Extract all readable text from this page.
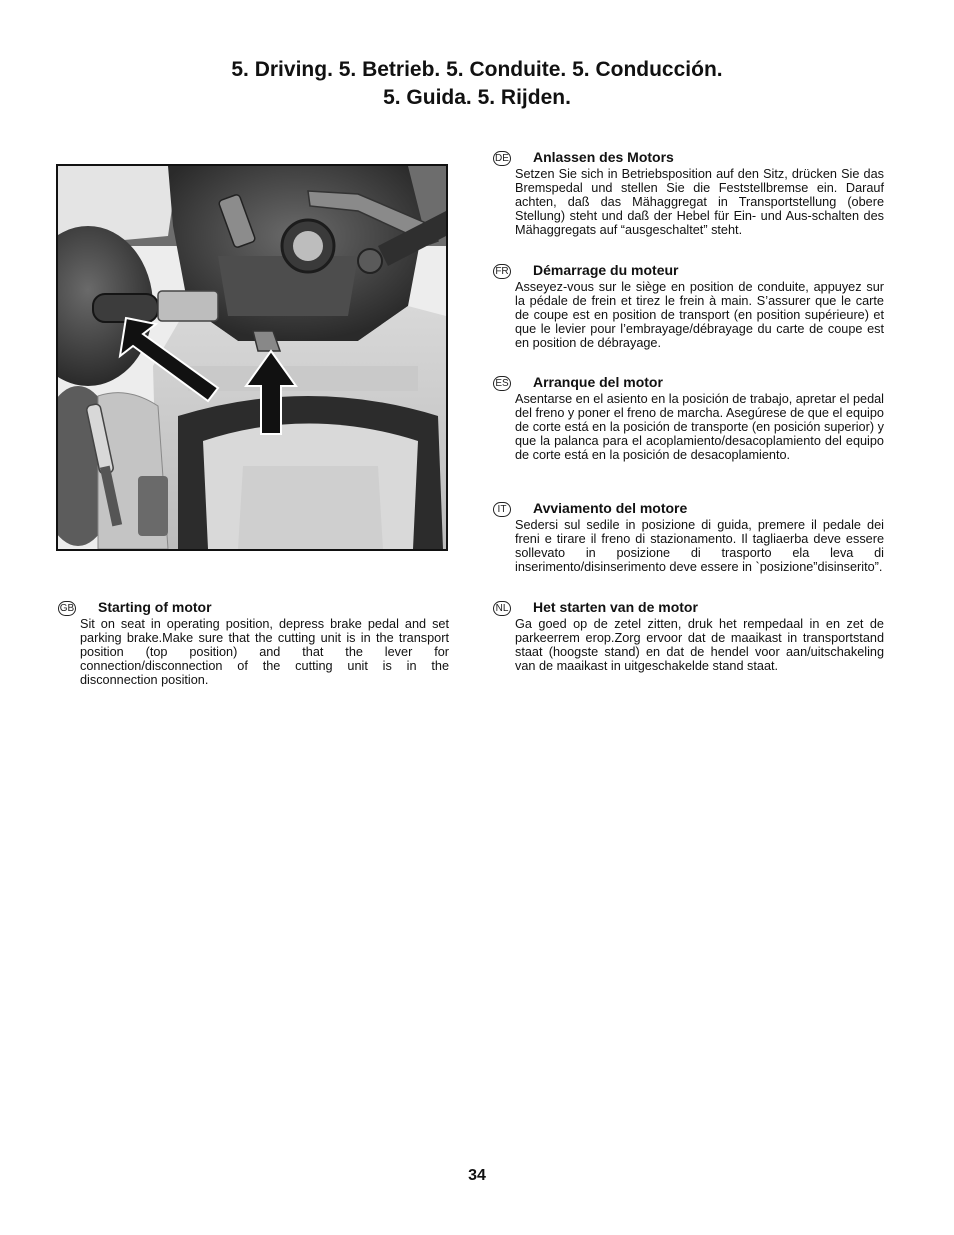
5. Driving. 5. Betrieb. 5. Conduite. 5. Conducción.
5. Guida. 5. Rijden.
GB Starting of motor

Sit on seat in operating position, depress brake pedal and set parking brake.Make sure that the cutting unit is in the transport position (top position) and that the lever for connection/disconnection of the cutting unit is in the disconnection position.

DE Anlassen des Motors

Setzen Sie sich in Betriebsposition auf den Sitz, drücken Sie das Bremspedal und stellen Sie die Feststellbremse ein. Darauf achten, daß das Mähaggregat in Transportstellung (obere Stellung) steht und daß der Hebel für Ein- und Aus-schalten des Mähaggregats auf “ausgeschaltet” steht.

FR Démarrage du moteur

Asseyez-vous sur le siège en position de conduite, appuyez sur la pédale de frein et tirez le frein à main. S’assurer que le carte de coupe est en position de transport (en position supérieure) et que le levier pour l’embrayage/débrayage du carte de coupe est en position de débrayage.

ES Arranque del motor

Asentarse en el asiento en la posición de trabajo, apretar el pedal del freno y poner el freno de marcha. Asegúrese de que el equipo de corte está en la posición de transporte (en posición superior) y que la palanca para el acoplamiento/desacoplamiento del equipo de corte está en la posición de desacoplamiento.

IT	Avviamento del motore

Sedersi sul sedile in posizione di guida, premere il pedale dei freni e tirare il freno di stazionamento. Il tagliaerba deve essere sollevato in posizione di trasporto ela leva di inserimento/disinserimento deve essere in `posizione”disinserito”.

NL Het starten van de motor

Ga goed op de zetel zitten, druk het rempedaal in en zet de parkeerrem erop.Zorg ervoor dat de maaikast in transportstand staat (hoogste stand) en dat de hendel voor aan/uitschakeling van de maaikast in uitgeschakelde stand staat.

34
